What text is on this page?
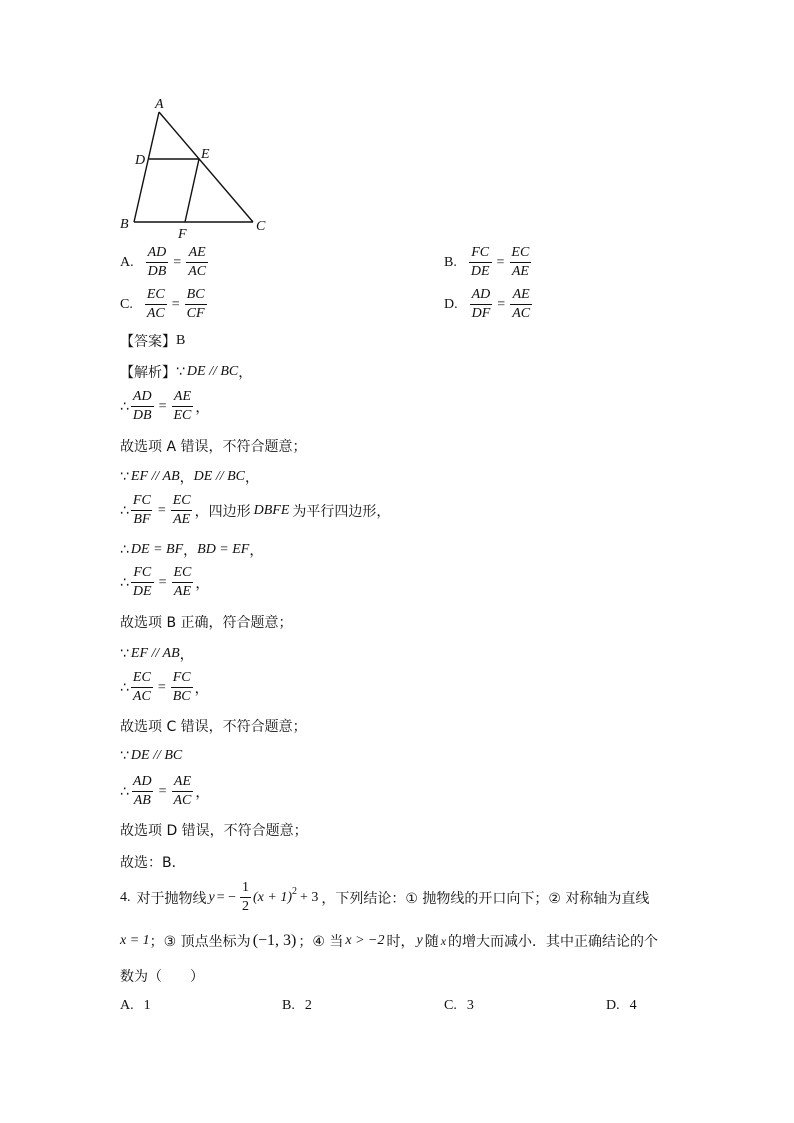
A
D	E
B
F
C
A. $\frac{AD}{DB} = \frac{AE}{AC}$	B. $\frac{FC}{DE} = \frac{EC}{AE}$
C. $\frac{EC}{AC} = \frac{BC}{CF}$	D. $\frac{AD}{DF} = \frac{AE}{AC}$
【答案】 B
【解析】 ∵ DE // BC ，
∴ $\frac{AD}{DB} = \frac{AE}{EC}$ ，
故选项 A 错误，不符合题意；
∵ EF // AB ， DE // BC ，
∴ $\frac{FC}{BF} = \frac{EC}{AE}$ ，四边形 DBFE 为平行四边形，
∴ DE = BF ， BD = EF ，
∴ $\frac{FC}{DE} = \frac{EC}{AE}$ ，
故选项 B 正确，符合题意；
∵ EF // AB ，
∴ $\frac{EC}{AC} = \frac{FC}{BC}$ ，
故选项 C 错误，不符合题意；
∵ DE // BC
∴ $\frac{AD}{AB} = \frac{AE}{AC}$ ，
故选项 D 错误，不符合题意；
故选：B．
4. 对于抛物线 y = − $\frac{1}{2} (x + 1)^2 + 3$ ，下列结论：① 抛物线的开口向下；② 对称轴为直线
x = 1 ；③ 顶点坐标为 (−1, 3) ；④ 当 x > −2 时， y 随 x 的增大而减小．其中正确结论的个
数为（　　）
A. 1	B. 2	C. 3	D. 4
